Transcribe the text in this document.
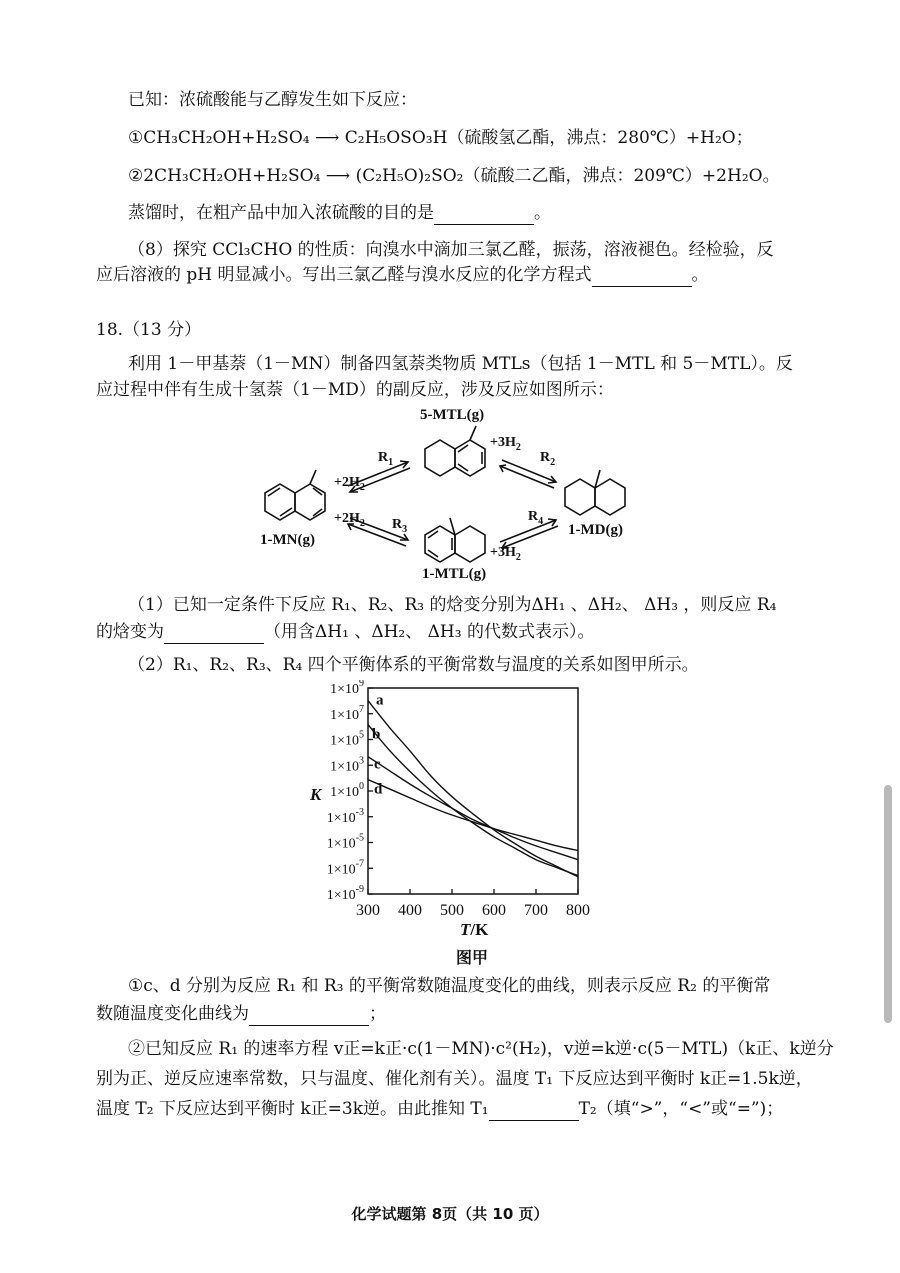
已知：浓硫酸能与乙醇发生如下反应：
①CH₃CH₂OH+H₂SO₄ ⟶ C₂H₅OSO₃H（硫酸氢乙酯，沸点：280℃）+H₂O；
②2CH₃CH₂OH+H₂SO₄ ⟶ (C₂H₅O)₂SO₂（硫酸二乙酯，沸点：209℃）+2H₂O。
蒸馏时，在粗产品中加入浓硫酸的目的是	。
（8）探究 CCl₃CHO 的性质：向溴水中滴加三氯乙醛，振荡，溶液褪色。经检验，反
应后溶液的 pH 明显减小。写出三氯乙醛与溴水反应的化学方程式	。
18.（13 分）
利用 1－甲基萘（1－MN）制备四氢萘类物质 MTLs（包括 1－MTL 和 5－MTL）。反
应过程中伴有生成十氢萘（1－MD）的副反应，涉及反应如图所示：
5-MTL(g)
1-MN(g)
1-MD(g)
1-MTL(g)
$R_1$	$R_2$
$R_3$
$R_4$
$+2H_2$
$+3H_2$
$+2H_2$
$+3H_2$
（1）已知一定条件下反应 R₁、R₂、R₃ 的焓变分别为ΔH₁ 、ΔH₂、 ΔH₃ ，则反应 R₄
的焓变为	（用含ΔH₁ 、ΔH₂、 ΔH₃ 的代数式表示）。
（2）R₁、R₂、R₃、R₄ 四个平衡体系的平衡常数与温度的关系如图甲所示。
$1\times 10^9$
$1\times 10^7$
$1\times 10^5$
$1\times 10^3$
$1\times 10^0$
$1\times 10^{-3}$
$1\times 10^{-5}$
$1\times 10^{-7}$
$1\times 10^{-9}$
300 400 500 600 700 800
a
b
c
d
K
T/K
图甲
①c、d 分别为反应 R₁ 和 R₃ 的平衡常数随温度变化的曲线，则表示反应 R₂ 的平衡常
数随温度变化曲线为	；
②已知反应 R₁ 的速率方程 v正=k正·c(1－MN)·c²(H₂)，v逆=k逆·c(5－MTL)（k正、k逆分
别为正、逆反应速率常数，只与温度、催化剂有关）。温度 T₁ 下反应达到平衡时 k正=1.5k逆，
温度 T₂ 下反应达到平衡时 k正=3k逆。由此推知 T₁	T₂（填“>”，“<”或“=”)；
化学试题第 8页（共 10 页）
